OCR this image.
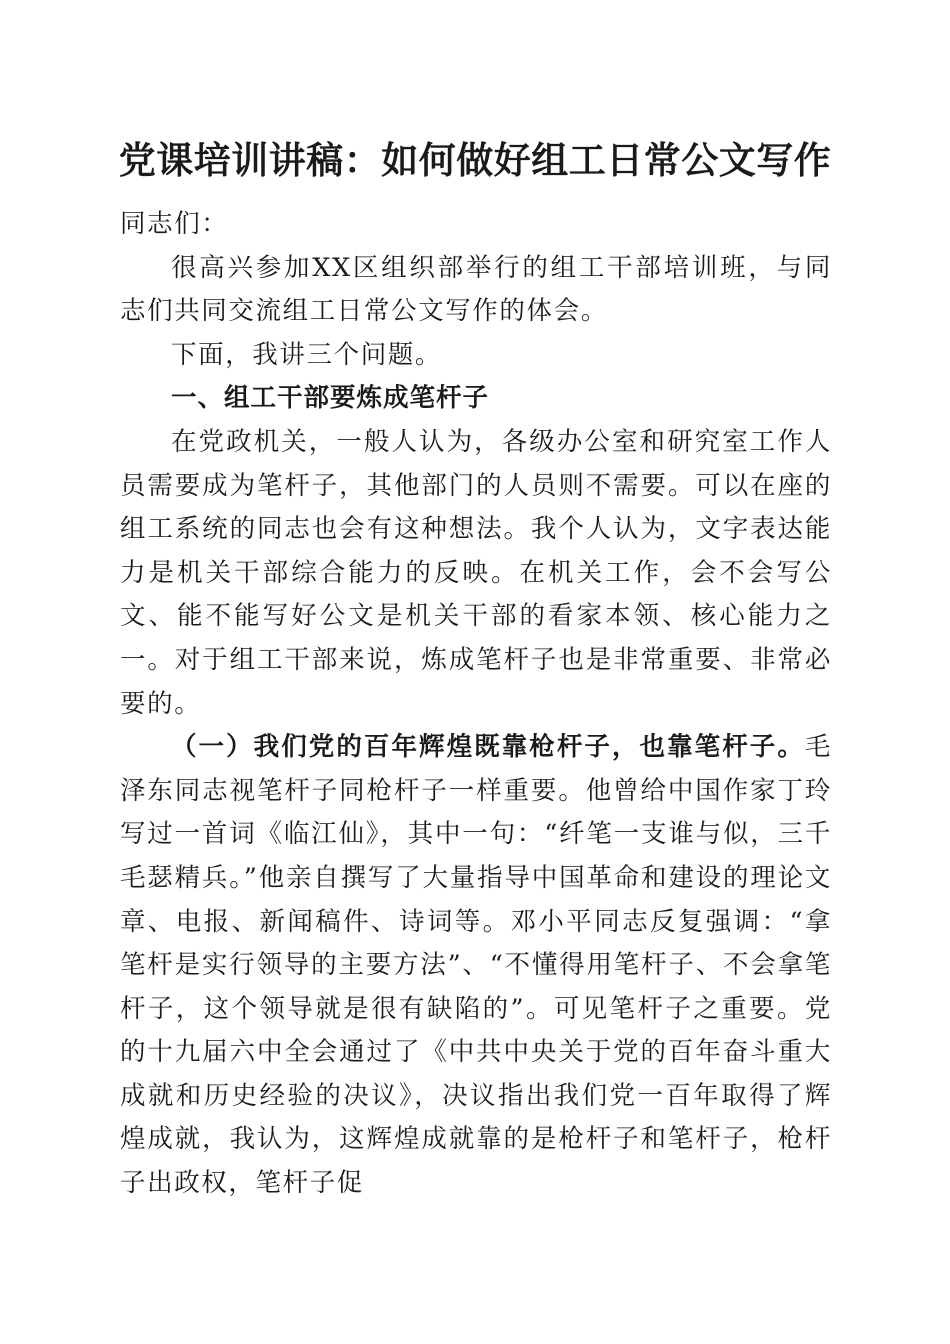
党课培训讲稿：如何做好组工日常公文写作

同志们：

很高兴参加XX区组织部举行的组工干部培训班，与同志们共同交流组工日常公文写作的体会。

下面，我讲三个问题。

一、组工干部要炼成笔杆子

在党政机关，一般人认为，各级办公室和研究室工作人员需要成为笔杆子，其他部门的人员则不需要。可以在座的组工系统的同志也会有这种想法。我个人认为，文字表达能力是机关干部综合能力的反映。在机关工作，会不会写公文、能不能写好公文是机关干部的看家本领、核心能力之一。对于组工干部来说，炼成笔杆子也是非常重要、非常必要的。

（一）我们党的百年辉煌既靠枪杆子，也靠笔杆子。毛泽东同志视笔杆子同枪杆子一样重要。他曾给中国作家丁玲写过一首词《临江仙》，其中一句：“纤笔一支谁与似，三千毛瑟精兵。”他亲自撰写了大量指导中国革命和建设的理论文章、电报、新闻稿件、诗词等。邓小平同志反复强调：“拿笔杆是实行领导的主要方法”、“不懂得用笔杆子、不会拿笔杆子，这个领导就是很有缺陷的”。可见笔杆子之重要。党的十九届六中全会通过了《中共中央关于党的百年奋斗重大成就和历史经验的决议》，决议指出我们党一百年取得了辉煌成就，我认为，这辉煌成就靠的是枪杆子和笔杆子，枪杆子出政权，笔杆子促
